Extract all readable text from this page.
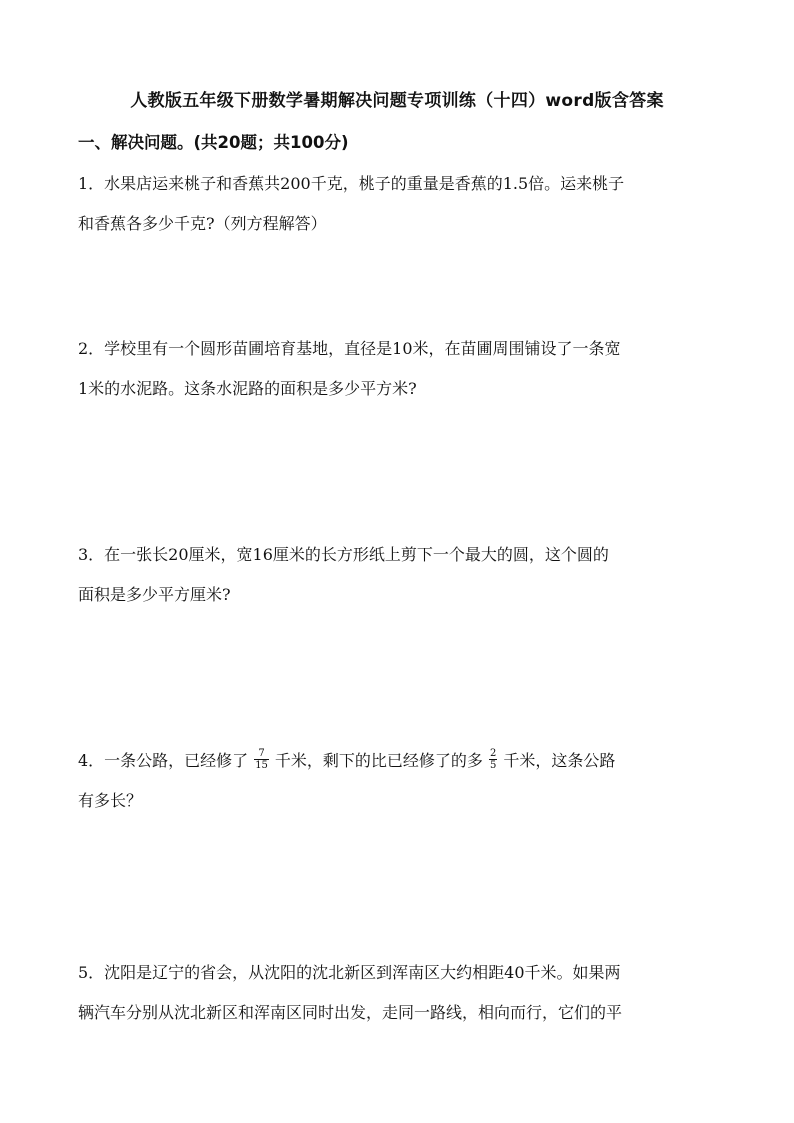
人教版五年级下册数学暑期解决问题专项训练（十四）word版含答案
一、解决问题。(共20题；共100分)
1．水果店运来桃子和香蕉共200千克，桃子的重量是香蕉的1.5倍。运来桃子
和香蕉各多少千克?（列方程解答）
2．学校里有一个圆形苗圃培育基地，直径是10米，在苗圃周围铺设了一条宽
1米的水泥路。这条水泥路的面积是多少平方米?
3．在一张长20厘米，宽16厘米的长方形纸上剪下一个最大的圆，这个圆的
面积是多少平方厘米?
4．一条公路，已经修了 $\frac{7}{15}$ 千米，剩下的比已经修了的多 $\frac{2}{5}$ 千米，这条公路
有多长？
5．沈阳是辽宁的省会，从沈阳的沈北新区到浑南区大约相距40千米。如果两
辆汽车分别从沈北新区和浑南区同时出发，走同一路线，相向而行，它们的平
